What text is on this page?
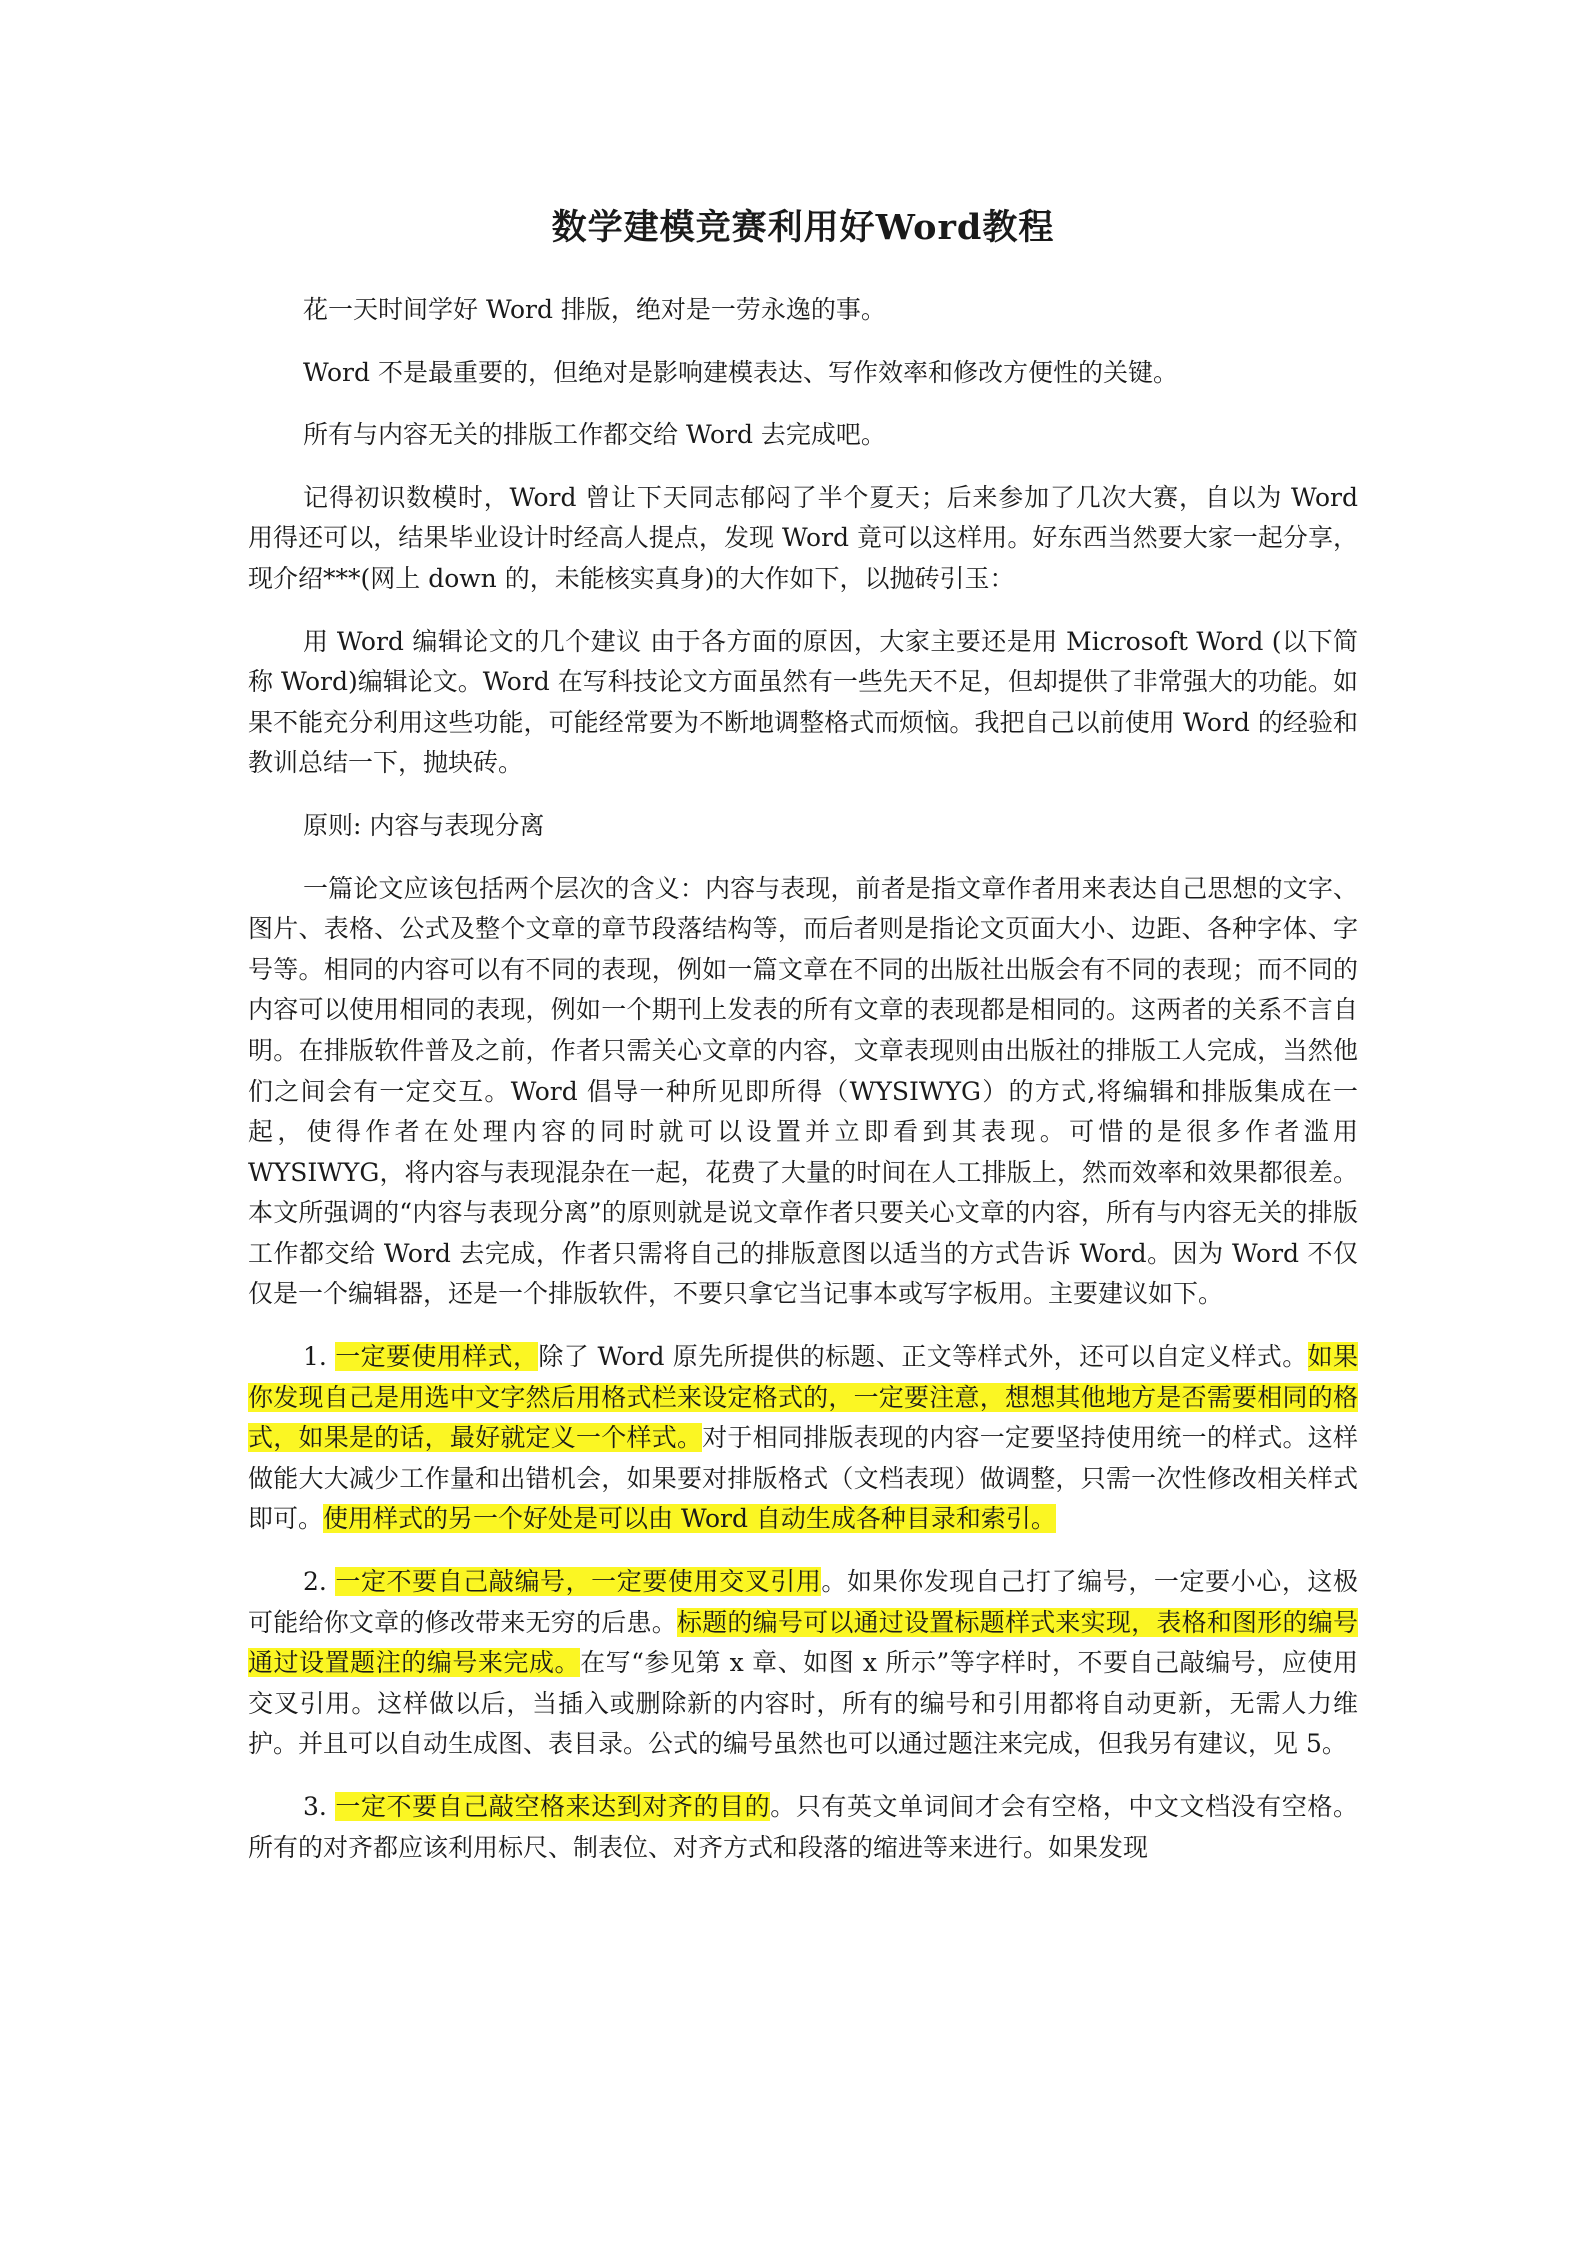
数学建模竞赛利用好Word教程

花一天时间学好 Word 排版，绝对是一劳永逸的事。

Word 不是最重要的，但绝对是影响建模表达、写作效率和修改方便性的关键。

所有与内容无关的排版工作都交给 Word 去完成吧。

记得初识数模时，Word 曾让下天同志郁闷了半个夏天；后来参加了几次大赛，自以为 Word 用得还可以，结果毕业设计时经高人提点，发现 Word 竟可以这样用。好东西当然要大家一起分享，现介绍***(网上 down 的，未能核实真身)的大作如下，以抛砖引玉：

用 Word 编辑论文的几个建议 由于各方面的原因，大家主要还是用 Microsoft Word (以下简称 Word)编辑论文。Word 在写科技论文方面虽然有一些先天不足，但却提供了非常强大的功能。如果不能充分利用这些功能，可能经常要为不断地调整格式而烦恼。我把自己以前使用 Word 的经验和教训总结一下，抛块砖。

原则: 内容与表现分离

一篇论文应该包括两个层次的含义：内容与表现，前者是指文章作者用来表达自己思想的文字、图片、表格、公式及整个文章的章节段落结构等，而后者则是指论文页面大小、边距、各种字体、字号等。相同的内容可以有不同的表现，例如一篇文章在不同的出版社出版会有不同的表现；而不同的内容可以使用相同的表现，例如一个期刊上发表的所有文章的表现都是相同的。这两者的关系不言自明。在排版软件普及之前，作者只需关心文章的内容，文章表现则由出版社的排版工人完成，当然他们之间会有一定交互。Word 倡导一种所见即所得（WYSIWYG）的方式,将编辑和排版集成在一起，使得作者在处理内容的同时就可以设置并立即看到其表现。可惜的是很多作者滥用 WYSIWYG，将内容与表现混杂在一起，花费了大量的时间在人工排版上，然而效率和效果都很差。本文所强调的“内容与表现分离”的原则就是说文章作者只要关心文章的内容，所有与内容无关的排版工作都交给 Word 去完成，作者只需将自己的排版意图以适当的方式告诉 Word。因为 Word 不仅仅是一个编辑器，还是一个排版软件，不要只拿它当记事本或写字板用。主要建议如下。

1. 一定要使用样式，除了 Word 原先所提供的标题、正文等样式外，还可以自定义样式。如果你发现自己是用选中文字然后用格式栏来设定格式的，一定要注意，想想其他地方是否需要相同的格式，如果是的话，最好就定义一个样式。对于相同排版表现的内容一定要坚持使用统一的样式。这样做能大大减少工作量和出错机会，如果要对排版格式（文档表现）做调整，只需一次性修改相关样式即可。使用样式的另一个好处是可以由 Word 自动生成各种目录和索引。

2. 一定不要自己敲编号，一定要使用交叉引用。如果你发现自己打了编号，一定要小心，这极可能给你文章的修改带来无穷的后患。标题的编号可以通过设置标题样式来实现，表格和图形的编号通过设置题注的编号来完成。在写“参见第 x 章、如图 x 所示”等字样时，不要自己敲编号，应使用交叉引用。这样做以后，当插入或删除新的内容时，所有的编号和引用都将自动更新，无需人力维护。并且可以自动生成图、表目录。公式的编号虽然也可以通过题注来完成，但我另有建议，见 5。

3. 一定不要自己敲空格来达到对齐的目的。只有英文单词间才会有空格，中文文档没有空格。所有的对齐都应该利用标尺、制表位、对齐方式和段落的缩进等来进行。如果发现
